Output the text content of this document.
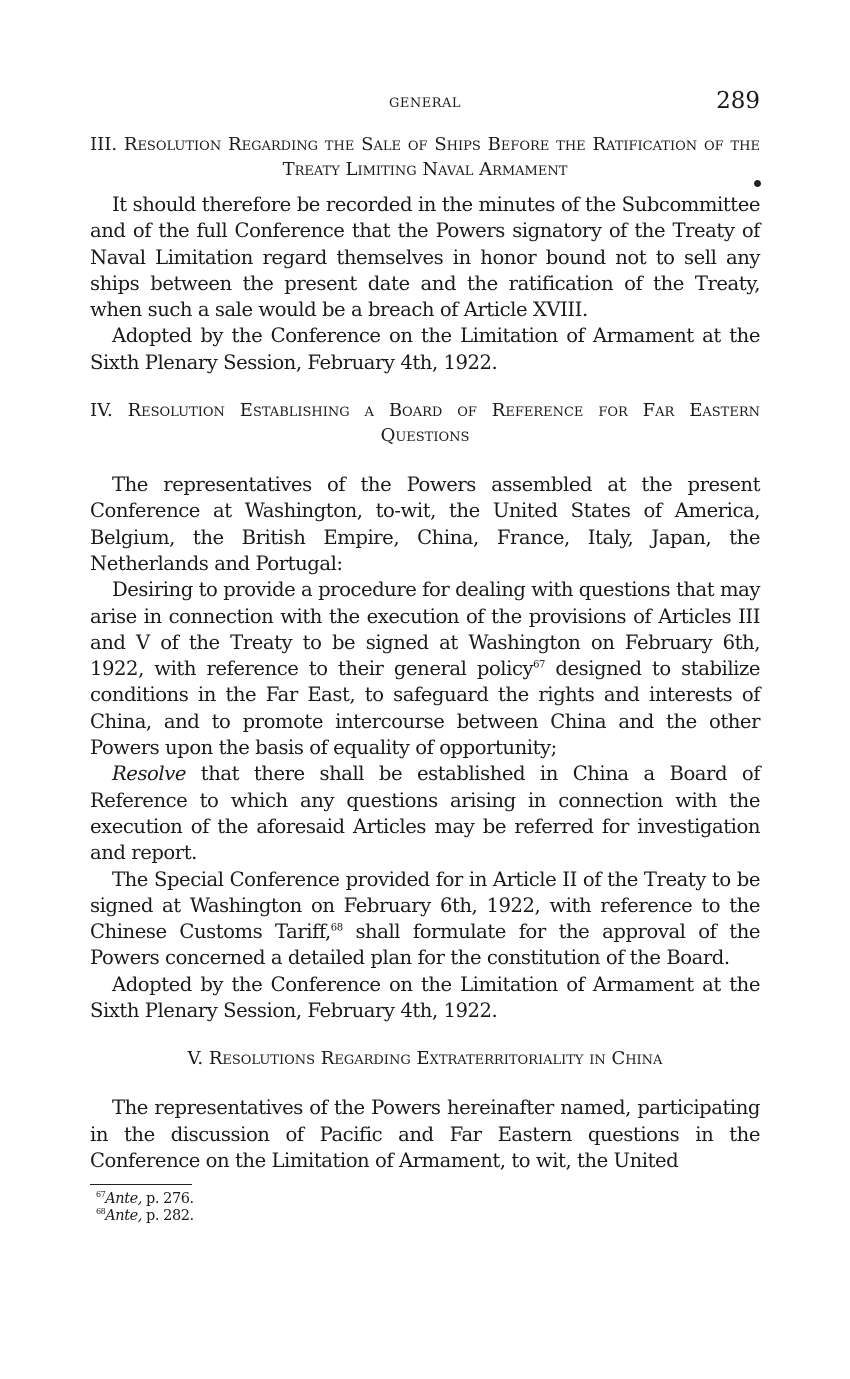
GENERAL	289
III. Resolution Regarding the Sale of Ships Before the Ratification of the Treaty Limiting Naval Armament

It should therefore be recorded in the minutes of the Subcommittee and of the full Conference that the Powers signatory of the Treaty of Naval Limitation regard themselves in honor bound not to sell any ships between the present date and the ratification of the Treaty, when such a sale would be a breach of Article XVIII.

Adopted by the Conference on the Limitation of Armament at the Sixth Plenary Session, February 4th, 1922.

IV. Resolution Establishing a Board of Reference for Far Eastern Questions

The representatives of the Powers assembled at the present Conference at Washington, to-wit, the United States of America, Belgium, the British Empire, China, France, Italy, Japan, the Netherlands and Portugal:

Desiring to provide a procedure for dealing with questions that may arise in connection with the execution of the provisions of Articles III and V of the Treaty to be signed at Washington on February 6th, 1922, with reference to their general policy$^{67}$ designed to stabilize conditions in the Far East, to safeguard the rights and interests of China, and to promote intercourse between China and the other Powers upon the basis of equality of opportunity;

Resolve that there shall be established in China a Board of Reference to which any questions arising in connection with the execution of the aforesaid Articles may be referred for investigation and report.

The Special Conference provided for in Article II of the Treaty to be signed at Washington on February 6th, 1922, with reference to the Chinese Customs Tariff,$^{68}$ shall formulate for the approval of the Powers concerned a detailed plan for the constitution of the Board.

Adopted by the Conference on the Limitation of Armament at the Sixth Plenary Session, February 4th, 1922.

V. Resolutions Regarding Extraterritoriality in China

The representatives of the Powers hereinafter named, participating in the discussion of Pacific and Far Eastern questions in the Conference on the Limitation of Armament, to wit, the United

$^{67}$Ante, p. 276.

$^{68}$Ante, p. 282.
